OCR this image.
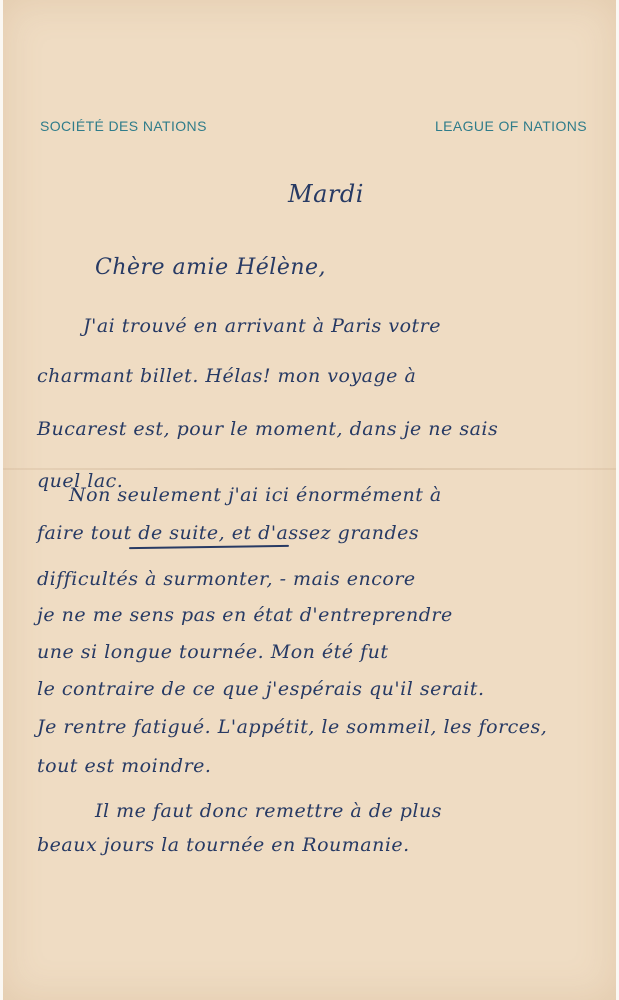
SOCIÉTÉ DES NATIONS	LEAGUE OF NATIONS
Mardi
Chère amie Hélène,
J'ai trouvé en arrivant à Paris votre
charmant billet. Hélas! mon voyage à
Bucarest est, pour le moment, dans je ne sais
quel lac.
Non seulement j'ai ici énormément à
faire tout de suite, et d'assez grandes
difficultés à surmonter, - mais encore
je ne me sens pas en état d'entreprendre
une si longue tournée. Mon été fut
le contraire de ce que j'espérais qu'il serait.
Je rentre fatigué. L'appétit, le sommeil, les forces,
tout est moindre.
Il me faut donc remettre à de plus
beaux jours la tournée en Roumanie.
